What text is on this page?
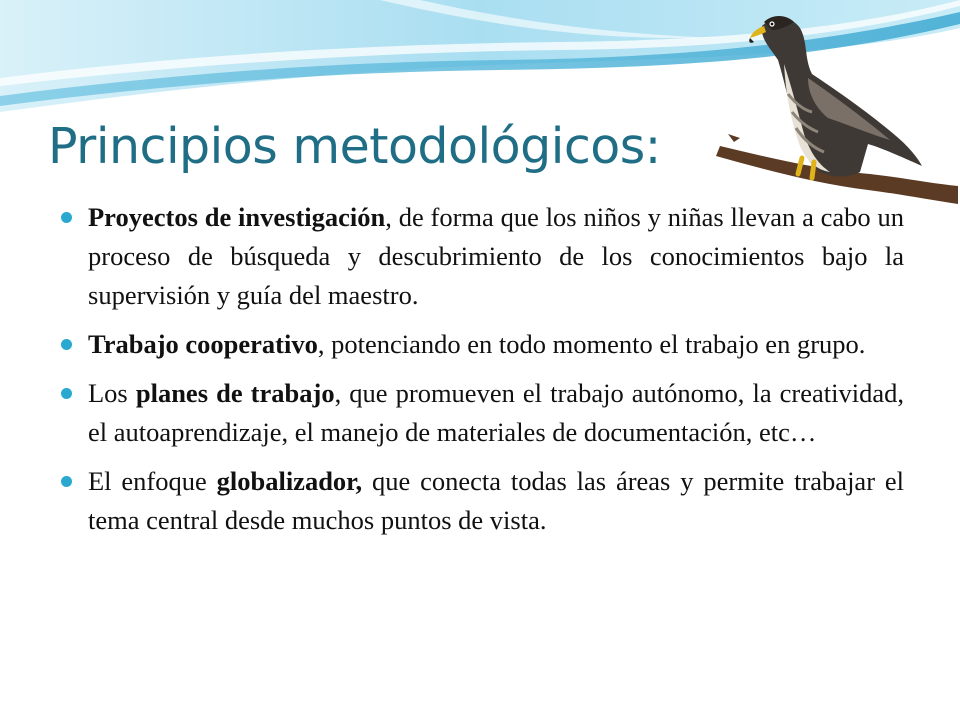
Principios metodológicos:
Proyectos de investigación, de forma que los niños y niñas llevan a cabo un proceso de búsqueda y descubrimiento de los conocimientos bajo la supervisión y guía del maestro.
Trabajo cooperativo, potenciando en todo momento el trabajo en grupo.
Los planes de trabajo, que promueven el trabajo autónomo, la creatividad, el autoaprendizaje, el manejo de materiales de documentación, etc…
El enfoque globalizador, que conecta todas las áreas y permite trabajar el tema central desde muchos puntos de vista.
